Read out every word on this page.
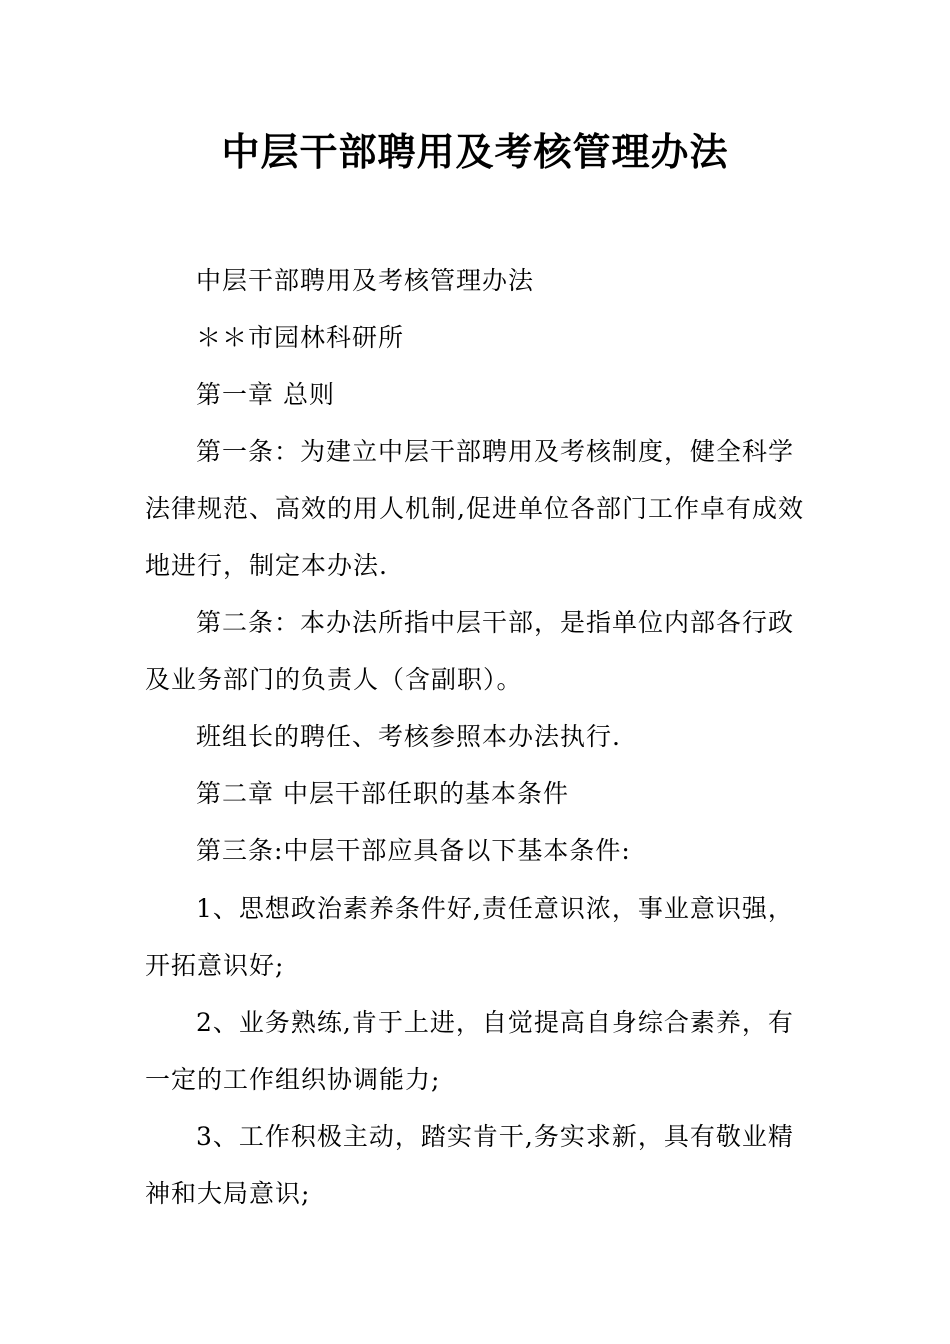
中层干部聘用及考核管理办法
中层干部聘用及考核管理办法
＊＊市园林科研所
第一章 总则
第一条：为建立中层干部聘用及考核制度，健全科学
法律规范、高效的用人机制,促进单位各部门工作卓有成效
地进行，制定本办法.
第二条：本办法所指中层干部，是指单位内部各行政
及业务部门的负责人（含副职）。
班组长的聘任、考核参照本办法执行.
第二章 中层干部任职的基本条件
第三条:中层干部应具备以下基本条件:
1、思想政治素养条件好,责任意识浓，事业意识强，
开拓意识好;
2、业务熟练,肯于上进，自觉提高自身综合素养，有
一定的工作组织协调能力;
3、工作积极主动，踏实肯干,务实求新，具有敬业精
神和大局意识;
